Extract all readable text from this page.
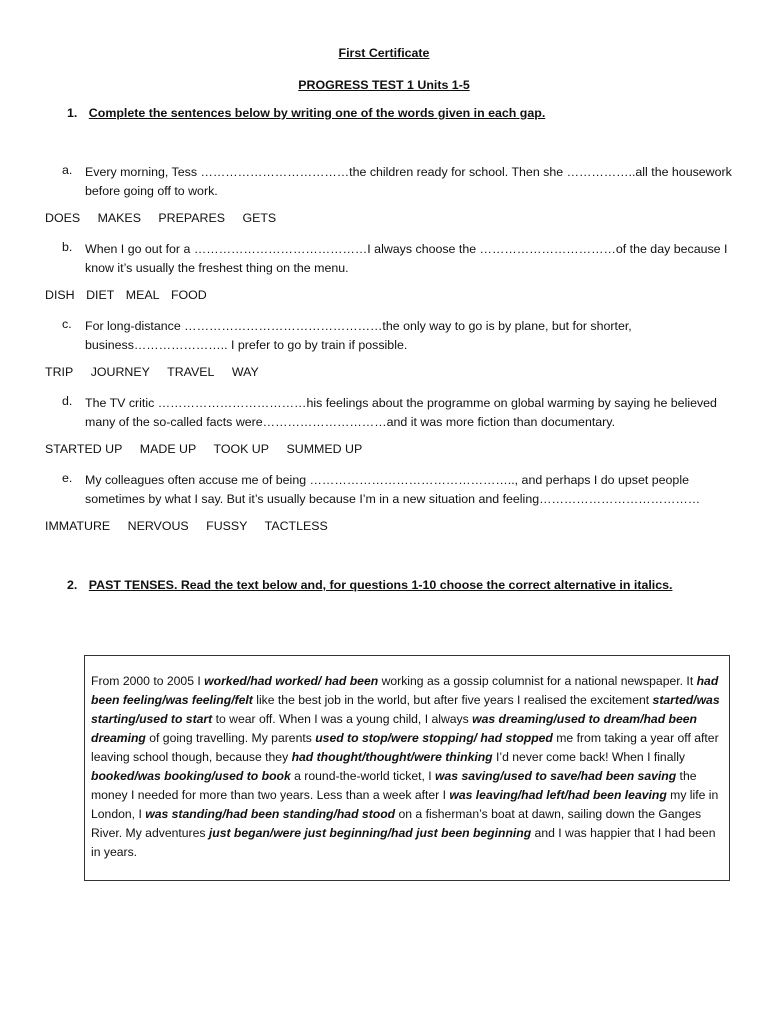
First Certificate
PROGRESS TEST 1 Units 1-5
1. Complete the sentences below by writing one of the words given in each gap.
a. Every morning, Tess ………………………………the children ready for school. Then she ……………..all the housework before going off to work.
DOES MAKES PREPARES GETS
b. When I go out for a ……………………………………I always choose the ……………………………of the day because I know it’s usually the freshest thing on the menu.
DISH DIET MEAL FOOD
c. For long-distance …………………………………………the only way to go is by plane, but for shorter, business………………….. I prefer to go by train if possible.
TRIP JOURNEY TRAVEL WAY
d. The TV critic ………………………………his feelings about the programme on global warming by saying he believed many of the so-called facts were…………………………and it was more fiction than documentary.
STARTED UP MADE UP TOOK UP SUMMED UP
e. My colleagues often accuse me of being ………………………………………….., and perhaps I do upset people sometimes by what I say. But it’s usually because I’m in a new situation and feeling…………………………………
IMMATURE NERVOUS FUSSY TACTLESS
2. PAST TENSES. Read the text below and, for questions 1-10 choose the correct alternative in italics.
From 2000 to 2005 I worked/had worked/ had been working as a gossip columnist for a national newspaper. It had been feeling/was feeling/felt like the best job in the world, but after five years I realised the excitement started/was starting/used to start to wear off. When I was a young child, I always was dreaming/used to dream/had been dreaming of going travelling. My parents used to stop/were stopping/ had stopped me from taking a year off after leaving school though, because they had thought/thought/were thinking I’d never come back! When I finally booked/was booking/used to book a round-the-world ticket, I was saving/used to save/had been saving the money I needed for more than two years. Less than a week after I was leaving/had left/had been leaving my life in London, I was standing/had been standing/had stood on a fisherman’s boat at dawn, sailing down the Ganges River. My adventures just began/were just beginning/had just been beginning and I was happier that I had been in years.
